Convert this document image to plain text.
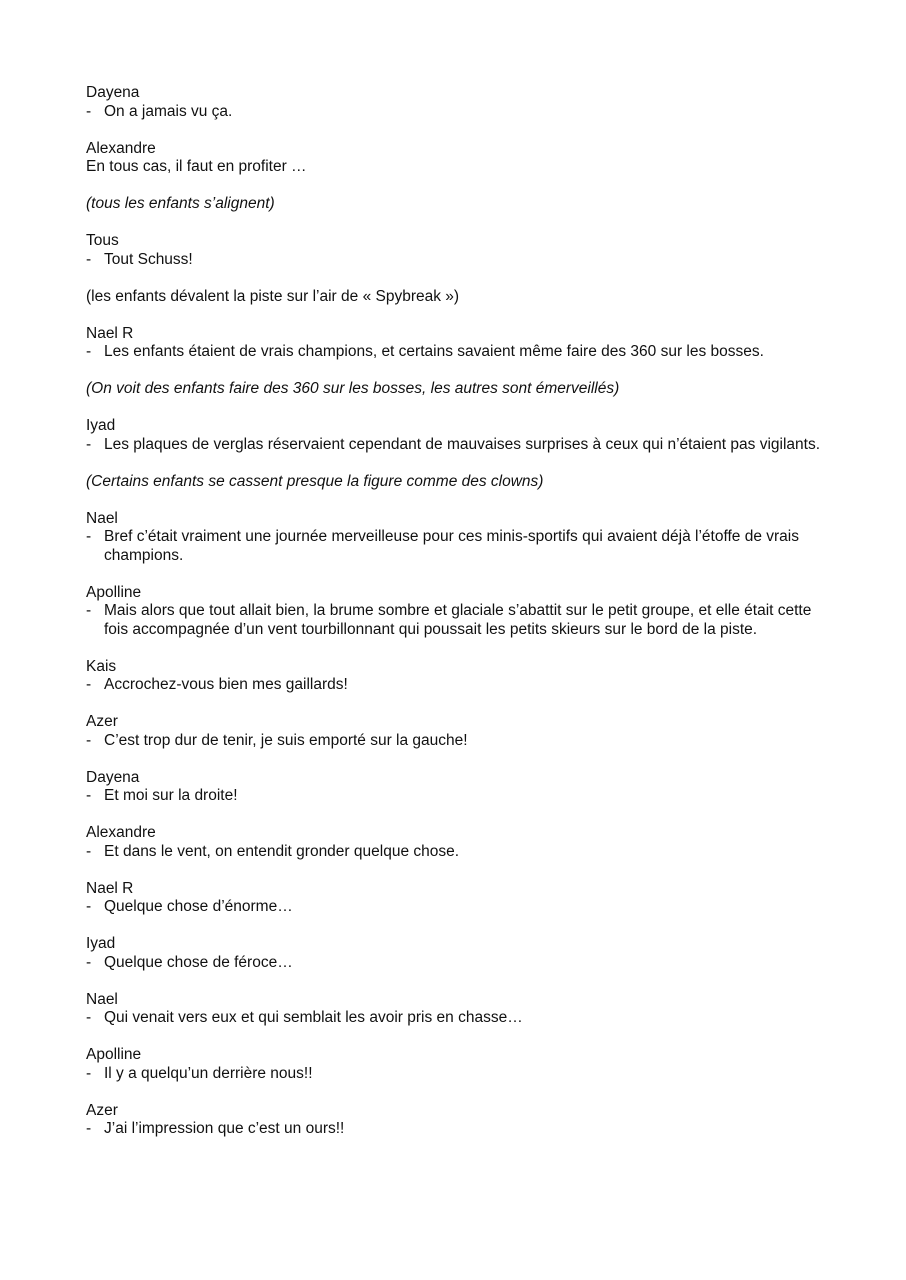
Dayena
- On a jamais vu ça.
Alexandre
En tous cas, il faut en profiter …
(tous les enfants s’alignent)
Tous
- Tout Schuss!
(les enfants dévalent la piste sur l’air de « Spybreak »)
Nael R
- Les enfants étaient de vrais champions, et certains savaient même faire des 360 sur les bosses.
(On voit des enfants faire des 360 sur les bosses, les autres sont émerveillés)
Iyad
- Les plaques de verglas réservaient cependant de mauvaises surprises à ceux qui n’étaient pas vigilants.
(Certains enfants se cassent presque la figure comme des clowns)
Nael
- Bref c’était vraiment une journée merveilleuse pour ces minis-sportifs qui avaient déjà l’étoffe de vrais champions.
Apolline
- Mais alors que tout allait bien, la brume sombre et glaciale s’abattit sur le petit groupe, et elle était cette fois accompagnée d’un vent tourbillonnant qui poussait les petits skieurs sur le bord de la piste.
Kais
- Accrochez-vous bien mes gaillards!
Azer
- C’est trop dur de tenir, je suis emporté sur la gauche!
Dayena
- Et moi sur la droite!
Alexandre
- Et dans le vent, on entendit gronder quelque chose.
Nael R
- Quelque chose d’énorme…
Iyad
- Quelque chose de féroce…
Nael
- Qui venait vers eux et qui semblait les avoir pris en chasse…
Apolline
- Il y a quelqu’un derrière nous!!
Azer
- J’ai l’impression que c’est un ours!!
